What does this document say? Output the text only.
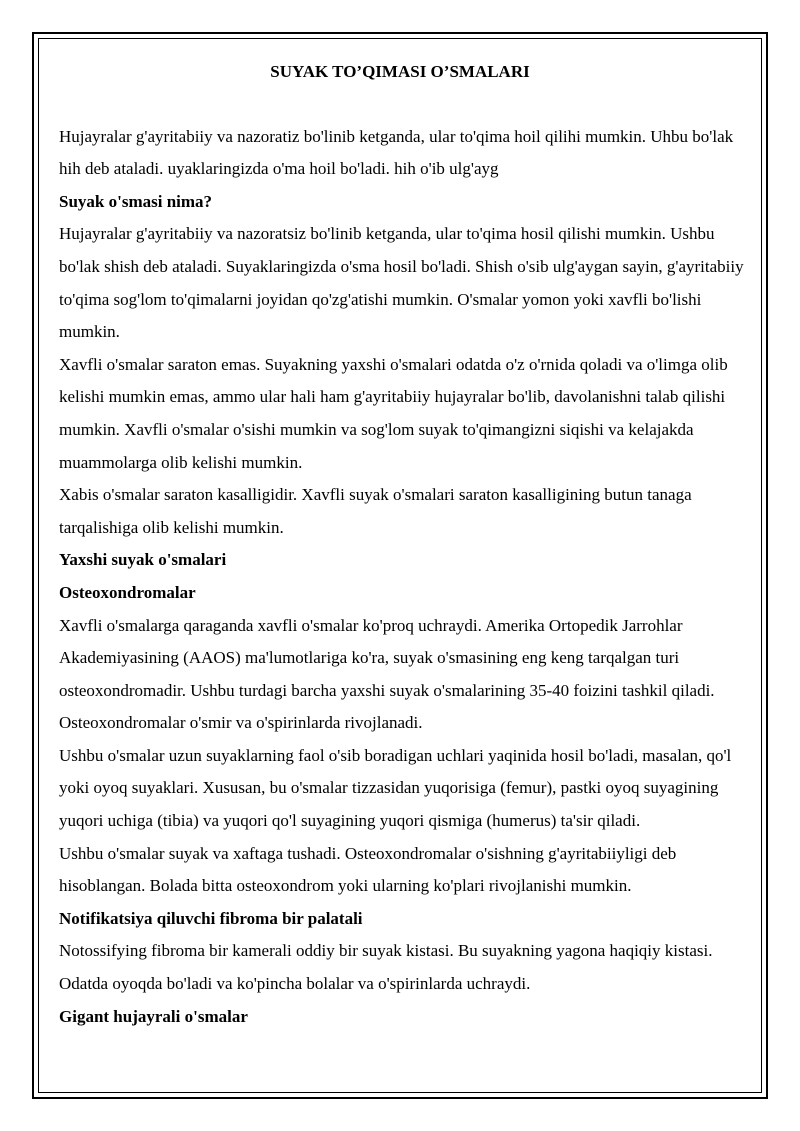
SUYAK TO’QIMASI O’SMALARI

Hujayralar g'ayritabiiy va nazoratiz bo'linib ketganda, ular to'qima hoil qilihi mumkin. Uhbu bo'lak hih deb ataladi. uyaklaringizda o'ma hoil bo'ladi. hih o'ib ulg'ayg

Suyak o'smasi nima?

Hujayralar g'ayritabiiy va nazoratsiz bo'linib ketganda, ular to'qima hosil qilishi mumkin. Ushbu bo'lak shish deb ataladi. Suyaklaringizda o'sma hosil bo'ladi. Shish o'sib ulg'aygan sayin, g'ayritabiiy to'qima sog'lom to'qimalarni joyidan qo'zg'atishi mumkin. O'smalar yomon yoki xavfli bo'lishi mumkin.

Xavfli o'smalar saraton emas. Suyakning yaxshi o'smalari odatda o'z o'rnida qoladi va o'limga olib kelishi mumkin emas, ammo ular hali ham g'ayritabiiy hujayralar bo'lib, davolanishni talab qilishi mumkin. Xavfli o'smalar o'sishi mumkin va sog'lom suyak to'qimangizni siqishi va kelajakda muammolarga olib kelishi mumkin.

Xabis o'smalar saraton kasalligidir. Xavfli suyak o'smalari saraton kasalligining butun tanaga tarqalishiga olib kelishi mumkin.

Yaxshi suyak o'smalari

Osteoxondromalar

Xavfli o'smalarga qaraganda xavfli o'smalar ko'proq uchraydi. Amerika Ortopedik Jarrohlar Akademiyasining (AAOS) ma'lumotlariga ko'ra, suyak o'smasining eng keng tarqalgan turi osteoxondromadir. Ushbu turdagi barcha yaxshi suyak o'smalarining 35-40 foizini tashkil qiladi. Osteoxondromalar o'smir va o'spirinlarda rivojlanadi.

Ushbu o'smalar uzun suyaklarning faol o'sib boradigan uchlari yaqinida hosil bo'ladi, masalan, qo'l yoki oyoq suyaklari. Xususan, bu o'smalar tizzasidan yuqorisiga (femur), pastki oyoq suyagining yuqori uchiga (tibia) va yuqori qo'l suyagining yuqori qismiga (humerus) ta'sir qiladi.

Ushbu o'smalar suyak va xaftaga tushadi. Osteoxondromalar o'sishning g'ayritabiiyligi deb hisoblangan. Bolada bitta osteoxondrom yoki ularning ko'plari rivojlanishi mumkin.

Notifikatsiya qiluvchi fibroma bir palatali

Notossifying fibroma bir kamerali oddiy bir suyak kistasi. Bu suyakning yagona haqiqiy kistasi. Odatda oyoqda bo'ladi va ko'pincha bolalar va o'spirinlarda uchraydi.

Gigant hujayrali o'smalar
